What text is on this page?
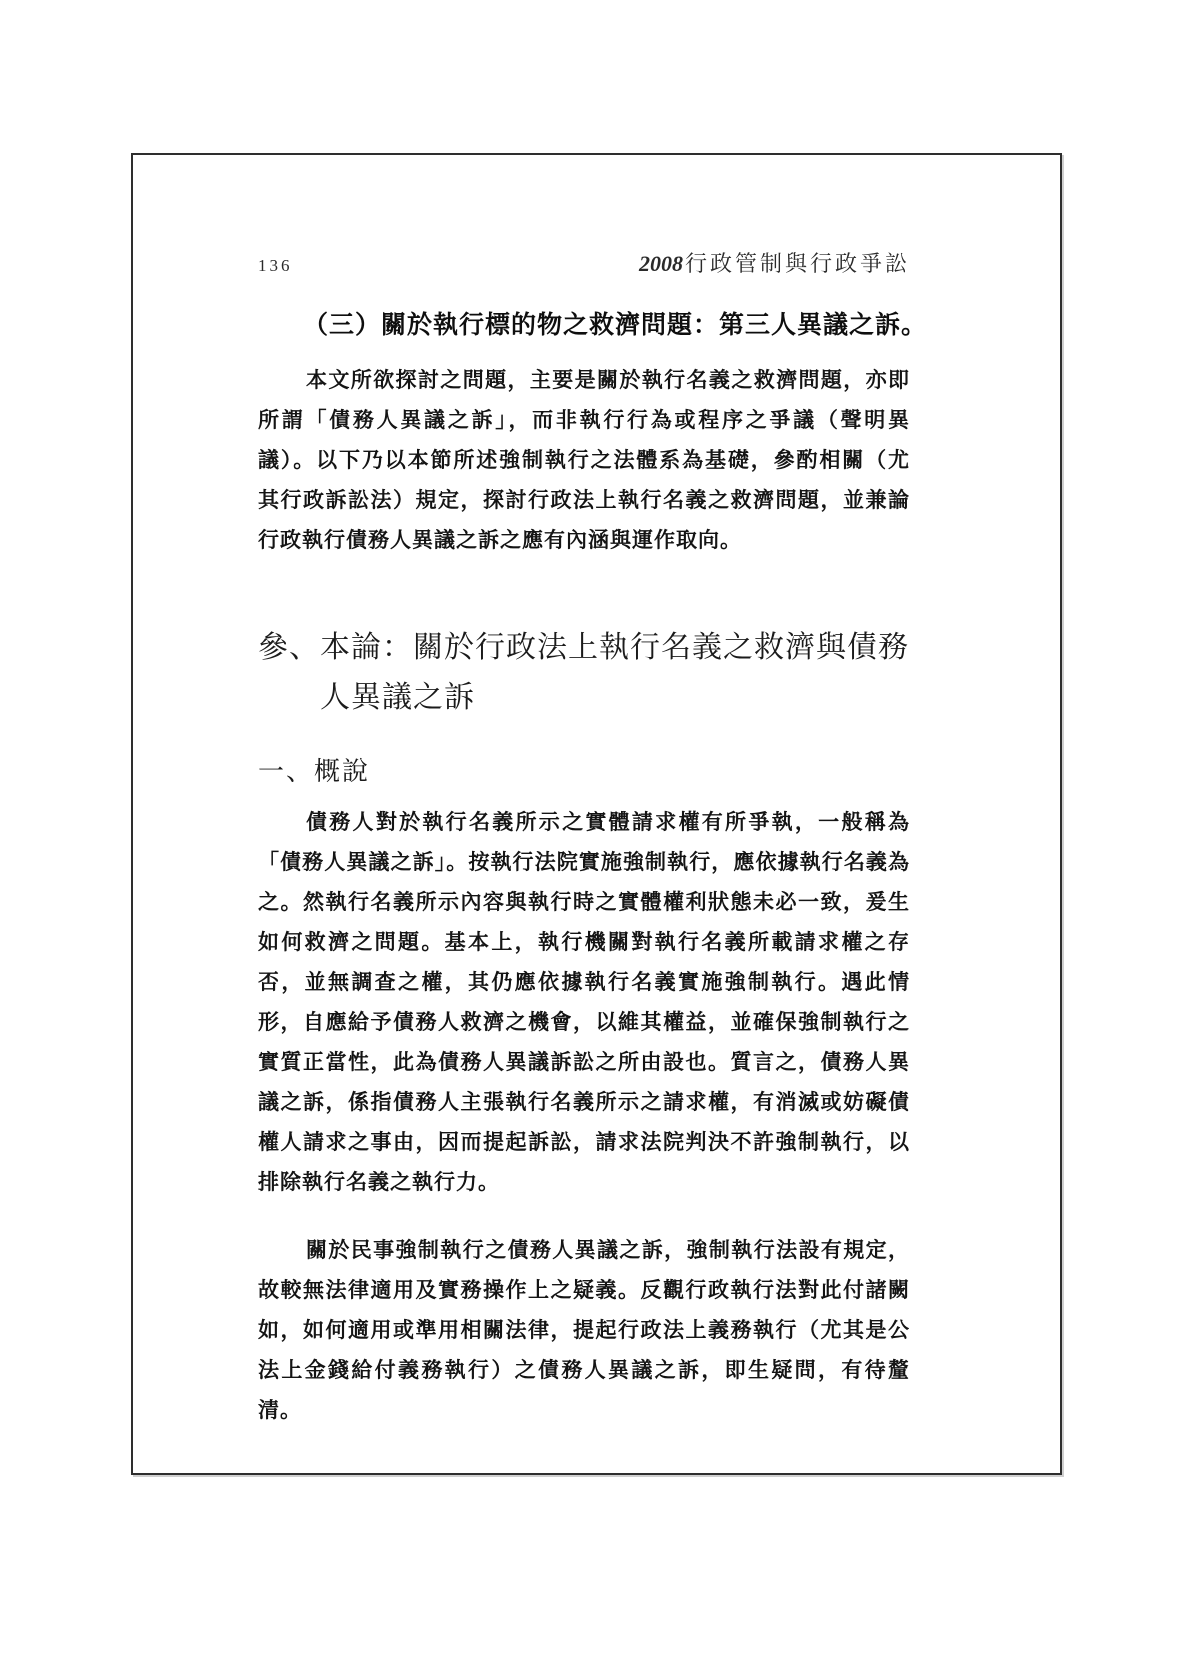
136	2008行政管制與行政爭訟
（三）關於執行標的物之救濟問題：第三人異議之訴。
本文所欲探討之問題，主要是關於執行名義之救濟問題，亦即
所謂「債務人異議之訴」，而非執行行為或程序之爭議（聲明異
議）。以下乃以本節所述強制執行之法體系為基礎，參酌相關（尤
其行政訴訟法）規定，探討行政法上執行名義之救濟問題，並兼論
行政執行債務人異議之訴之應有內涵與運作取向。
參、本論：關於行政法上執行名義之救濟與債務
人異議之訴
一、概說
債務人對於執行名義所示之實體請求權有所爭執，一般稱為
「債務人異議之訴」。按執行法院實施強制執行，應依據執行名義為
之。然執行名義所示內容與執行時之實體權利狀態未必一致，爰生
如何救濟之問題。基本上，執行機關對執行名義所載請求權之存
否，並無調查之權，其仍應依據執行名義實施強制執行。遇此情
形，自應給予債務人救濟之機會，以維其權益，並確保強制執行之
實質正當性，此為債務人異議訴訟之所由設也。質言之，債務人異
議之訴，係指債務人主張執行名義所示之請求權，有消滅或妨礙債
權人請求之事由，因而提起訴訟，請求法院判決不許強制執行，以
排除執行名義之執行力。
關於民事強制執行之債務人異議之訴，強制執行法設有規定，
故較無法律適用及實務操作上之疑義。反觀行政執行法對此付諸闕
如，如何適用或準用相關法律，提起行政法上義務執行（尤其是公
法上金錢給付義務執行）之債務人異議之訴，即生疑問，有待釐
清。
